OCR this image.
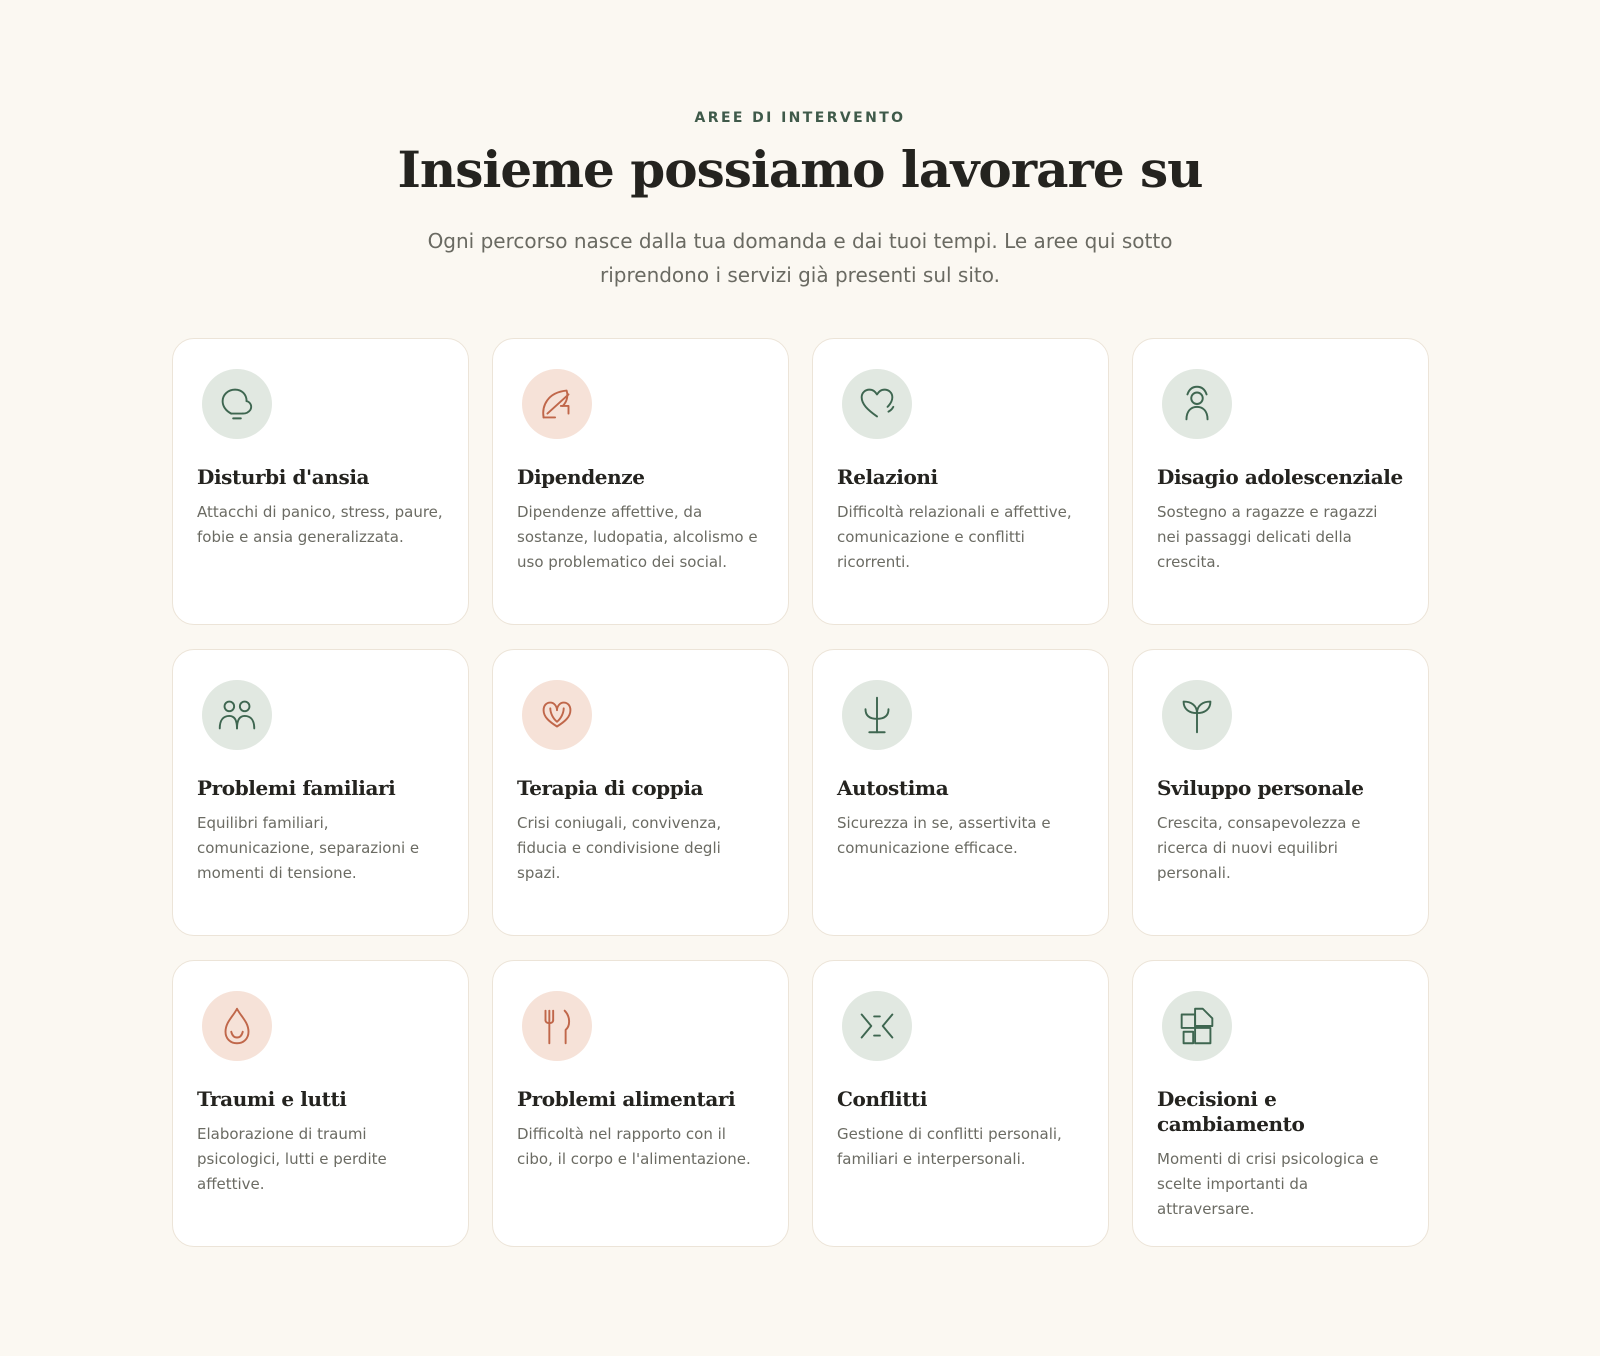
AREE DI INTERVENTO
Insieme possiamo lavorare su

Ogni percorso nasce dalla tua domanda e dai tuoi tempi. Le aree qui sotto riprendono i servizi già presenti sul sito.

Disturbi d'ansia

Attacchi di panico, stress, paure, fobie e ansia generalizzata.

Dipendenze

Dipendenze affettive, da sostanze, ludopatia, alcolismo e uso problematico dei social.

Relazioni

Difficoltà relazionali e affettive, comunicazione e conflitti ricorrenti.

Disagio adolescenziale

Sostegno a ragazze e ragazzi nei passaggi delicati della crescita.

Problemi familiari

Equilibri familiari, comunicazione, separazioni e momenti di tensione.

Terapia di coppia

Crisi coniugali, convivenza, fiducia e condivisione degli spazi.

Autostima

Sicurezza in se, assertivita e comunicazione efficace.

Sviluppo personale

Crescita, consapevolezza e ricerca di nuovi equilibri personali.

Traumi e lutti

Elaborazione di traumi psicologici, lutti e perdite affettive.

Problemi alimentari

Difficoltà nel rapporto con il cibo, il corpo e l'alimentazione.

Conflitti

Gestione di conflitti personali, familiari e interpersonali.

Decisioni e cambiamento

Momenti di crisi psicologica e scelte importanti da attraversare.
